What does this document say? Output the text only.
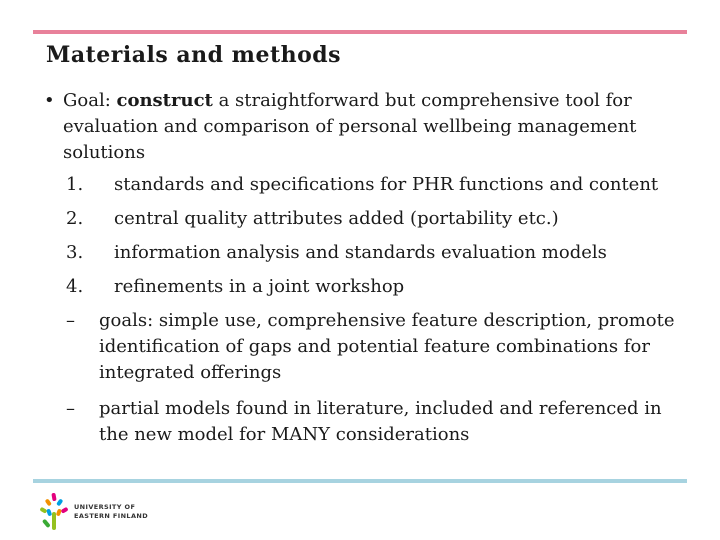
Materials and methods
• Goal: construct a straightforward but comprehensive tool for evaluation and comparison of personal wellbeing management solutions
1.	standards and specifications for PHR functions and content
2.	central quality attributes added (portability etc.)
3.	information analysis and standards evaluation models
4.	refinements in a joint workshop
–	goals: simple use, comprehensive feature description, promote identification of gaps and potential feature combinations for integrated offerings
–	partial models found in literature, included and referenced in the new model for MANY considerations
UNIVERSITY OF
EASTERN FINLAND
